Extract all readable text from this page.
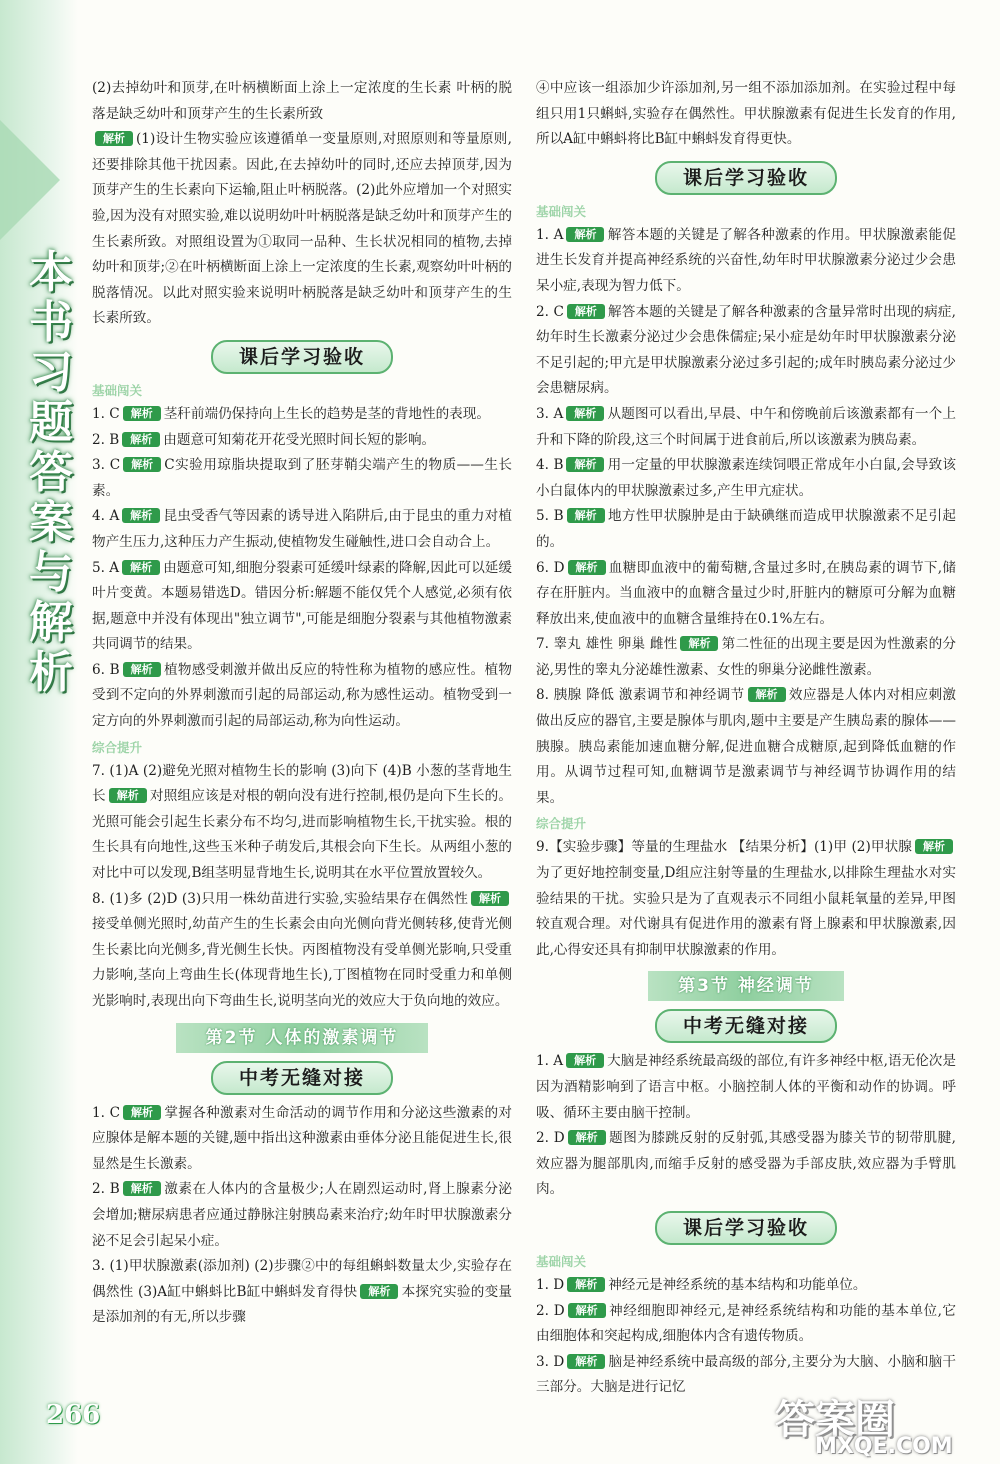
本书习题答案与解析

(2)去掉幼叶和顶芽,在叶柄横断面上涂上一定浓度的生长素 叶柄的脱落是缺乏幼叶和顶芽产生的生长素所致

解析 (1)设计生物实验应该遵循单一变量原则,对照原则和等量原则,还要排除其他干扰因素。因此,在去掉幼叶的同时,还应去掉顶芽,因为顶芽产生的生长素向下运输,阻止叶柄脱落。(2)此外应增加一个对照实验,因为没有对照实验,难以说明幼叶叶柄脱落是缺乏幼叶和顶芽产生的生长素所致。对照组设置为①取同一品种、生长状况相同的植物,去掉幼叶和顶芽;②在叶柄横断面上涂上一定浓度的生长素,观察幼叶叶柄的脱落情况。以此对照实验来说明叶柄脱落是缺乏幼叶和顶芽产生的生长素所致。

课后学习验收
基础闯关

1. C 解析 茎秆前端仍保持向上生长的趋势是茎的背地性的表现。

2. B 解析 由题意可知菊花开花受光照时间长短的影响。

3. C 解析 C实验用琼脂块提取到了胚芽鞘尖端产生的物质——生长素。

4. A 解析 昆虫受香气等因素的诱导进入陷阱后,由于昆虫的重力对植物产生压力,这种压力产生振动,使植物发生碰触性,进口会自动合上。

5. A 解析 由题意可知,细胞分裂素可延缓叶绿素的降解,因此可以延缓叶片变黄。本题易错选D。错因分析:解题不能仅凭个人感觉,必须有依据,题意中并没有体现出"独立调节",可能是细胞分裂素与其他植物激素共同调节的结果。

6. B 解析 植物感受刺激并做出反应的特性称为植物的感应性。植物受到不定向的外界刺激而引起的局部运动,称为感性运动。植物受到一定方向的外界刺激而引起的局部运动,称为向性运动。

综合提升

7. (1)A (2)避免光照对植物生长的影响 (3)向下 (4)B 小葱的茎背地生长 解析 对照组应该是对根的朝向没有进行控制,根仍是向下生长的。光照可能会引起生长素分布不均匀,进而影响植物生长,干扰实验。根的生长具有向地性,这些玉米种子萌发后,其根会向下生长。从两组小葱的对比中可以发现,B组茎明显背地生长,说明其在水平位置放置较久。

8. (1)多 (2)D (3)只用一株幼苗进行实验,实验结果存在偶然性 解析接受单侧光照时,幼苗产生的生长素会由向光侧向背光侧转移,使背光侧生长素比向光侧多,背光侧生长快。丙图植物没有受单侧光影响,只受重力影响,茎向上弯曲生长(体现背地生长),丁图植物在同时受重力和单侧光影响时,表现出向下弯曲生长,说明茎向光的效应大于负向地的效应。

第2节 人体的激素调节
中考无缝对接

1. C 解析 掌握各种激素对生命活动的调节作用和分泌这些激素的对应腺体是解本题的关键,题中指出这种激素由垂体分泌且能促进生长,很显然是生长激素。

2. B 解析 激素在人体内的含量极少;人在剧烈运动时,肾上腺素分泌会增加;糖尿病患者应通过静脉注射胰岛素来治疗;幼年时甲状腺激素分泌不足会引起呆小症。

3. (1)甲状腺激素(添加剂) (2)步骤②中的每组蝌蚪数量太少,实验存在偶然性 (3)A缸中蝌蚪比B缸中蝌蚪发育得快 解析 本探究实验的变量是添加剂的有无,所以步骤

④中应该一组添加少许添加剂,另一组不添加添加剂。在实验过程中每组只用1只蝌蚪,实验存在偶然性。甲状腺激素有促进生长发育的作用,所以A缸中蝌蚪将比B缸中蝌蚪发育得更快。

课后学习验收
基础闯关

1. A 解析 解答本题的关键是了解各种激素的作用。甲状腺激素能促进生长发育并提高神经系统的兴奋性,幼年时甲状腺激素分泌过少会患呆小症,表现为智力低下。

2. C 解析 解答本题的关键是了解各种激素的含量异常时出现的病症,幼年时生长激素分泌过少会患侏儒症;呆小症是幼年时甲状腺激素分泌不足引起的;甲亢是甲状腺激素分泌过多引起的;成年时胰岛素分泌过少会患糖尿病。

3. A 解析 从题图可以看出,早晨、中午和傍晚前后该激素都有一个上升和下降的阶段,这三个时间属于进食前后,所以该激素为胰岛素。

4. B 解析 用一定量的甲状腺激素连续饲喂正常成年小白鼠,会导致该小白鼠体内的甲状腺激素过多,产生甲亢症状。

5. B 解析 地方性甲状腺肿是由于缺碘继而造成甲状腺激素不足引起的。

6. D 解析 血糖即血液中的葡萄糖,含量过多时,在胰岛素的调节下,储存在肝脏内。当血液中的血糖含量过少时,肝脏内的糖原可分解为血糖释放出来,使血液中的血糖含量维持在0.1%左右。

7. 睾丸 雄性 卵巢 雌性 解析 第二性征的出现主要是因为性激素的分泌,男性的睾丸分泌雄性激素、女性的卵巢分泌雌性激素。

8. 胰腺 降低 激素调节和神经调节 解析 效应器是人体内对相应刺激做出反应的器官,主要是腺体与肌肉,题中主要是产生胰岛素的腺体——胰腺。胰岛素能加速血糖分解,促进血糖合成糖原,起到降低血糖的作用。从调节过程可知,血糖调节是激素调节与神经调节协调作用的结果。

综合提升

9.【实验步骤】等量的生理盐水 【结果分析】(1)甲 (2)甲状腺 解析为了更好地控制变量,D组应注射等量的生理盐水,以排除生理盐水对实验结果的干扰。实验只是为了直观表示不同组小鼠耗氧量的差异,甲图较直观合理。对代谢具有促进作用的激素有肾上腺素和甲状腺激素,因此,心得安还具有抑制甲状腺激素的作用。

第3节 神经调节
中考无缝对接

1. A 解析 大脑是神经系统最高级的部位,有许多神经中枢,语无伦次是因为酒精影响到了语言中枢。小脑控制人体的平衡和动作的协调。呼吸、循环主要由脑干控制。

2. D 解析 题图为膝跳反射的反射弧,其感受器为膝关节的韧带肌腱,效应器为腿部肌肉,而缩手反射的感受器为手部皮肤,效应器为手臂肌肉。

课后学习验收
基础闯关

1. D 解析 神经元是神经系统的基本结构和功能单位。

2. D 解析 神经细胞即神经元,是神经系统结构和功能的基本单位,它由细胞体和突起构成,细胞体内含有遗传物质。

3. D 解析 脑是神经系统中最高级的部分,主要分为大脑、小脑和脑干三部分。大脑是进行记忆

266	答案圈
MXQE.COM
